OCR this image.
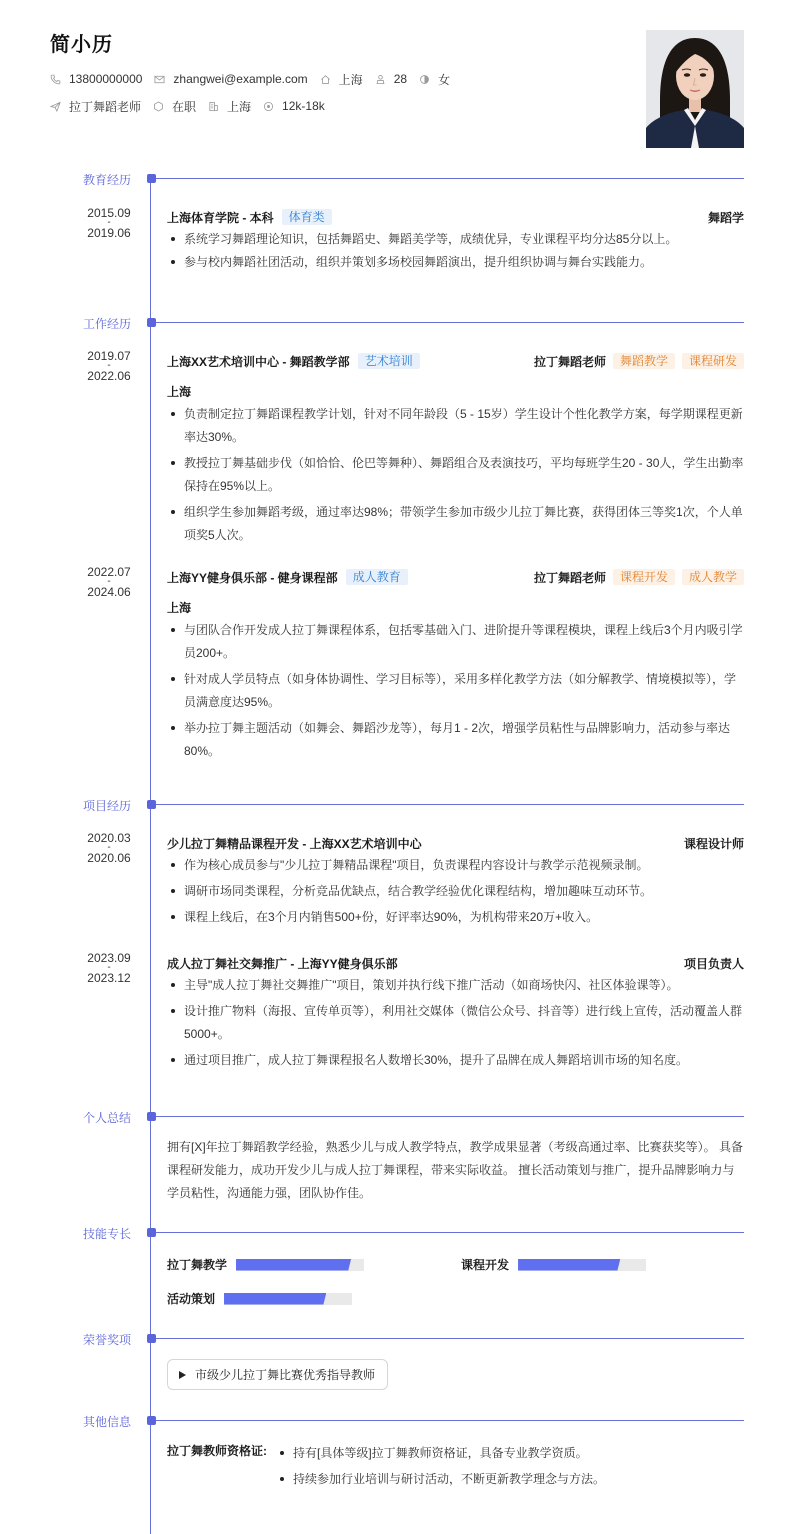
简小历
13800000000	zhangwei@example.com	上海	28	女
拉丁舞蹈老师	在职	上海	12k-18k
教育经历
2015.09
-
2019.06
上海体育学院 - 本科	体育类	舞蹈学
系统学习舞蹈理论知识，包括舞蹈史、舞蹈美学等，成绩优异，专业课程平均分达85分以上。
参与校内舞蹈社团活动，组织并策划多场校园舞蹈演出，提升组织协调与舞台实践能力。
工作经历
2019.07
-
2022.06
上海XX艺术培训中心 - 舞蹈教学部	艺术培训	拉丁舞蹈老师	舞蹈教学	课程研发
上海
负责制定拉丁舞蹈课程教学计划，针对不同年龄段（5 - 15岁）学生设计个性化教学方案，每学期课程更新率达30%。
教授拉丁舞基础步伐（如恰恰、伦巴等舞种）、舞蹈组合及表演技巧，平均每班学生20 - 30人，学生出勤率保持在95%以上。
组织学生参加舞蹈考级，通过率达98%；带领学生参加市级少儿拉丁舞比赛，获得团体三等奖1次，个人单项奖5人次。
2022.07
-
2024.06
上海YY健身俱乐部 - 健身课程部	成人教育	拉丁舞蹈老师	课程开发	成人教学
上海
与团队合作开发成人拉丁舞课程体系，包括零基础入门、进阶提升等课程模块，课程上线后3个月内吸引学员200+。
针对成人学员特点（如身体协调性、学习目标等），采用多样化教学方法（如分解教学、情境模拟等），学员满意度达95%。
举办拉丁舞主题活动（如舞会、舞蹈沙龙等），每月1 - 2次，增强学员粘性与品牌影响力，活动参与率达80%。
项目经历
2020.03
-
2020.06
少儿拉丁舞精品课程开发 - 上海XX艺术培训中心	课程设计师
作为核心成员参与"少儿拉丁舞精品课程"项目，负责课程内容设计与教学示范视频录制。
调研市场同类课程，分析竞品优缺点，结合教学经验优化课程结构，增加趣味互动环节。
课程上线后，在3个月内销售500+份，好评率达90%，为机构带来20万+收入。
2023.09
-
2023.12
成人拉丁舞社交舞推广 - 上海YY健身俱乐部	项目负责人
主导"成人拉丁舞社交舞推广"项目，策划并执行线下推广活动（如商场快闪、社区体验课等）。
设计推广物料（海报、宣传单页等），利用社交媒体（微信公众号、抖音等）进行线上宣传，活动覆盖人群5000+。
通过项目推广，成人拉丁舞课程报名人数增长30%，提升了品牌在成人舞蹈培训市场的知名度。
个人总结
拥有[X]年拉丁舞蹈教学经验，熟悉少儿与成人教学特点，教学成果显著（考级高通过率、比赛获奖等）。 具备课程研发能力，成功开发少儿与成人拉丁舞课程，带来实际收益。 擅长活动策划与推广，提升品牌影响力与学员粘性，沟通能力强，团队协作佳。
技能专长
拉丁舞教学	课程开发
活动策划
荣誉奖项
市级少儿拉丁舞比赛优秀指导教师
其他信息
拉丁舞教师资格证:	持有[具体等级]拉丁舞教师资格证，具备专业教学资质。
持续参加行业培训与研讨活动，不断更新教学理念与方法。
